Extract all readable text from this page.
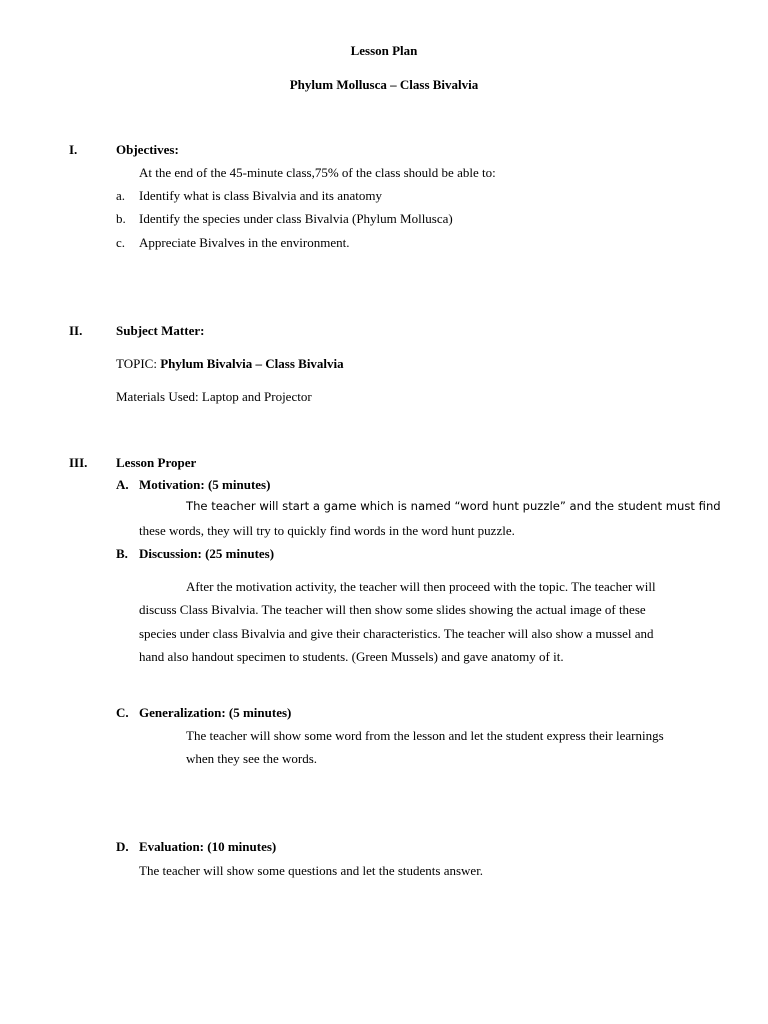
Lesson Plan
Phylum Mollusca – Class Bivalvia
I.	Objectives:
At the end of the 45-minute class,75% of the class should be able to:
a. Identify what is class Bivalvia and its anatomy
b. Identify the species under class Bivalvia (Phylum Mollusca)
c. Appreciate Bivalves in the environment.
II.	Subject Matter:
TOPIC: Phylum Bivalvia – Class Bivalvia
Materials Used: Laptop and Projector
III. Lesson Proper
A. Motivation: (5 minutes)
The teacher will start a game which is named “word hunt puzzle” and the student must find
these words, they will try to quickly find words in the word hunt puzzle.
B. Discussion: (25 minutes)
After the motivation activity, the teacher will then proceed with the topic. The teacher will
discuss Class Bivalvia. The teacher will then show some slides showing the actual image of these
species under class Bivalvia and give their characteristics. The teacher will also show a mussel and
hand also handout specimen to students. (Green Mussels) and gave anatomy of it.
C. Generalization: (5 minutes)
The teacher will show some word from the lesson and let the student express their learnings
when they see the words.
D. Evaluation: (10 minutes)
The teacher will show some questions and let the students answer.
